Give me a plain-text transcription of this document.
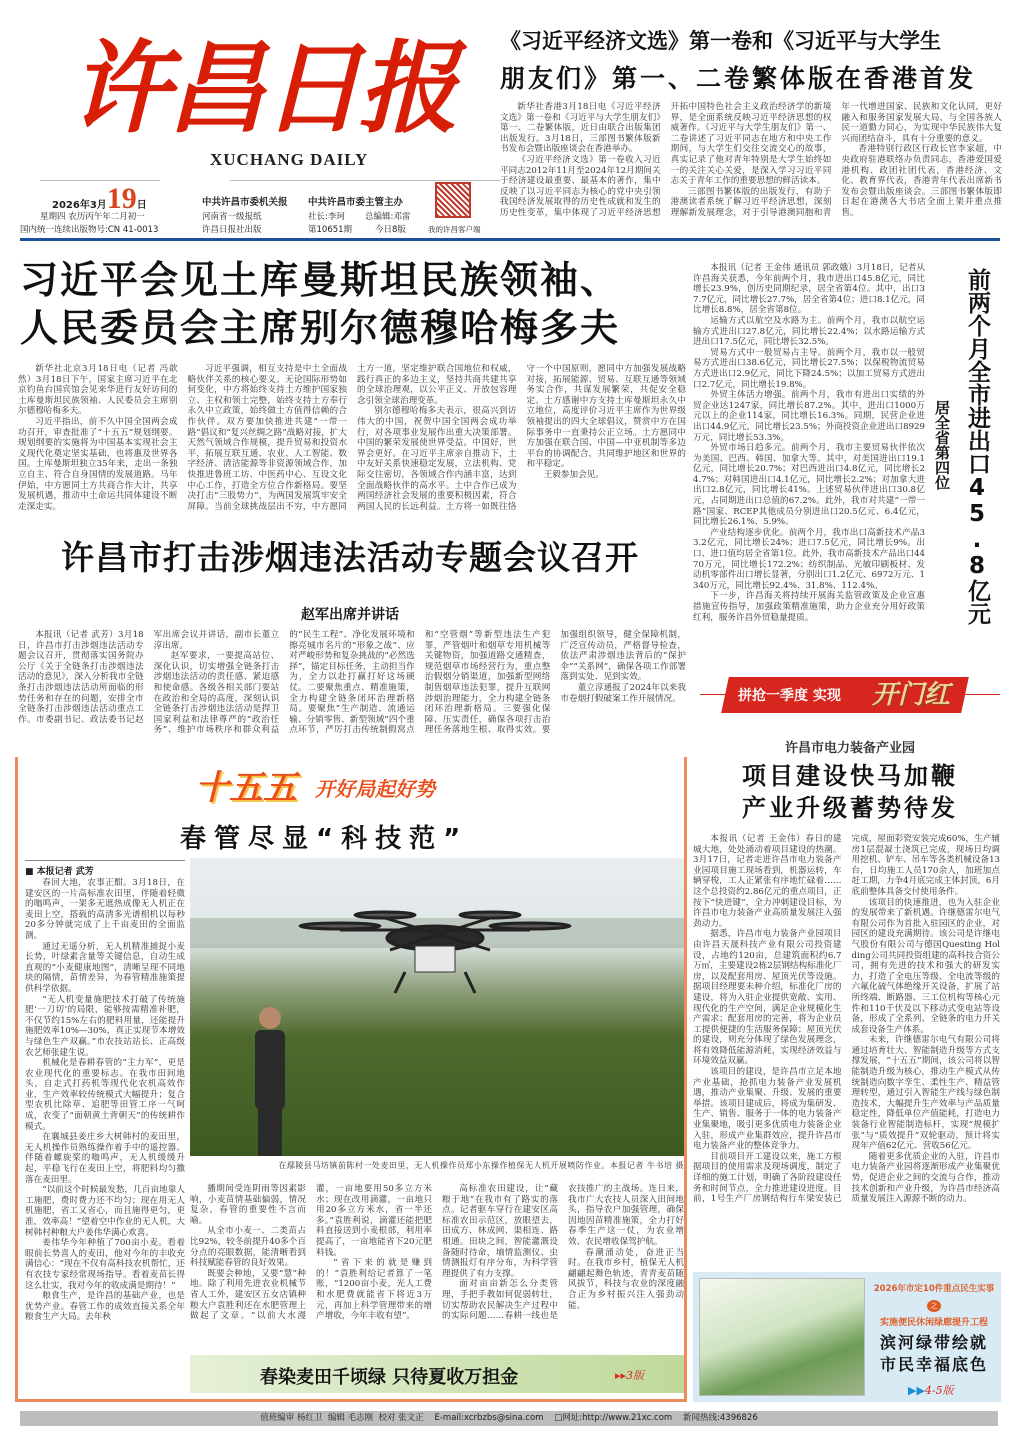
许昌日报
XUCHANG DAILY
2026年3月19日
星期四 农历丙午年二月初一
国内统一连续出版物号:CN 41-0013
中共许昌市委机关报
河南省一级报纸
许昌日报社出版
中共许昌市委主管主办
社长:李珂 总编辑:邓雷
第10651期	今日8版	我的许昌客户端
《习近平经济文选》第一卷和《习近平与大学生
朋友们》第一、二卷繁体版在香港首发

新华社香港3月18日电《习近平经济文选》第一卷和《习近平与大学生朋友们》第一、二卷繁体版，近日由联合出版集团出版发行。3月18日，三部图书繁体版新书发布会暨出版座谈会在香港举办。

《习近平经济文选》第一卷收入习近平同志2012年11月至2024年12月期间关于经济建设最重要、最基本的著作，集中反映了以习近平同志为核心的党中央引领我国经济发展取得的历史性成就和发生的历史性变革，集中体现了习近平经济思想开拓中国特色社会主义政治经济学的新境界，是全面系统反映习近平经济思想的权威著作。《习近平与大学生朋友们》第一、二卷讲述了习近平同志在地方和中央工作期间，与大学生们交往交流交心的故事，真实记录了他对青年特别是大学生始终如一的关注关心关爱，是深入学习习近平同志关于青年工作的重要思想的鲜活读本。

三部图书繁体版的出版发行，有助于港澳读者系统了解习近平经济思想，深刻理解新发展理念，对于引导港澳同胞和青年一代增进国家、民族和文化认同，更好融入和服务国家发展大局，与全国各族人民一道勠力同心，为实现中华民族伟大复兴而团结奋斗，具有十分重要的意义。

香港特别行政区行政长官李家超，中央政府驻港联络办负责同志，香港爱国爱港机构、政团社团代表，香港经济、文化、教育界代表，香港青年代表出席新书发布会暨出版座谈会。三部图书繁体版即日起在港澳各大书店全面上架并重点推售。

习近平会见土库曼斯坦民族领袖、
人民委员会主席别尔德穆哈梅多夫

新华社北京3月18日电（记者 冯歆然）3月18日下午，国家主席习近平在北京钓鱼台国宾馆会见来华进行友好访问的土库曼斯坦民族领袖、人民委员会主席别尔德穆哈梅多夫。

习近平指出，前不久中国全国两会成功召开，审查批准了“十五五”规划纲要。规划纲要的实施将为中国基本实现社会主义现代化奠定坚实基础，也将惠及世界各国。土库曼斯坦独立35年来，走出一条独立自主、符合自身国情的发展道路。马年伊始，中方愿同土方共商合作大计，共享发展机遇，推动中土命运共同体建设不断走深走实。

习近平强调，相互支持是中土全面战略伙伴关系的核心要义。无论国际形势如何变化，中方将始终支持土方维护国家独立、主权和领土完整，始终支持土方奉行永久中立政策，始终做土方值得信赖的合作伙伴。双方要加快推进共建“一带一路”倡议和“复兴丝绸之路”战略对接，扩大天然气领域合作规模，提升贸易和投资水平，拓展互联互通、农业、人工智能、数字经济、清洁能源等非资源领域合作，加快推进鲁班工坊、中医药中心、互设文化中心工作，打造全方位合作新格局。要坚决打击“三股势力”，为两国发展筑牢安全屏障。当前全球挑战层出不穷，中方愿同土方一道，坚定维护联合国地位和权威，践行真正的多边主义，坚持共商共建共享的全球治理观，以公平正义、开放包容理念引领全球治理变革。

别尔德穆哈梅多夫表示，很高兴到访伟大的中国，祝贺中国全国两会成功举行，对各项事业发展作出重大决策部署。中国的繁荣发展使世界受益。中国好，世界会更好。在习近平主席亲自推动下，土中友好关系快速稳定发展，立法机构、党际交往密切，各领域合作内涵丰富，达到全面战略伙伴的高水平。土中合作已成为两国经济社会发展的重要积极因素，符合两国人民的长远利益。土方将一如既往恪守一个中国原则，愿同中方加强发展战略对接，拓展能源、贸易、互联互通等领域务实合作，共谋发展繁荣，共促安全稳定。土方感谢中方支持土库曼斯坦永久中立地位，高度评价习近平主席作为世界级领袖提出的四大全球倡议，赞赏中方在国际事务中一直秉持公正立场。土方愿同中方加强在联合国、中国—中亚机制等多边平台的协调配合，共同维护地区和世界的和平稳定。

王毅参加会见。

本报讯（记者 王金伟 通讯员 郭政娥）3月18日，记者从许昌海关获悉，今年前两个月，我市进出口45.8亿元，同比增长23.9%，创历史同期纪录，居全省第4位。其中，出口37.7亿元，同比增长27.7%，居全省第4位；进口8.1亿元，同比增长8.8%，居全省第8位。

运输方式以航空及水路为主。前两个月，我市以航空运输方式进出口27.8亿元，同比增长22.4%；以水路运输方式进出口17.5亿元，同比增长32.5%。

贸易方式中一般贸易占主导。前两个月，我市以一般贸易方式进出口38.6亿元，同比增长27.5%；以保税物流贸易方式进出口2.9亿元，同比下降24.5%；以加工贸易方式进出口2.7亿元，同比增长19.8%。

外贸主体活力增强。前两个月，我市有进出口实绩的外贸企业达1247家，同比增长87.2%。其中，进出口1000万元以上的企业114家，同比增长16.3%。同期，民营企业进出口44.9亿元，同比增长23.5%；外商投资企业进出口8929万元，同比增长53.3%。

外贸市场日趋多元。前两个月，我市主要贸易伙伴依次为美国、巴西、韩国、加拿大等。其中，对美国进出口19.1亿元，同比增长20.7%；对巴西进出口4.8亿元，同比增长24.7%；对韩国进出口4.1亿元，同比增长2.2%；对加拿大进出口2.8亿元，同比增长41%。上述贸易伙伴进出口30.8亿元，占同期进出口总值的67.2%。此外，我市对共建“一带一路”国家、RCEP其他成员分别进出口20.5亿元、6.4亿元，同比增长26.1%、5.9%。

产业结构逐步优化。前两个月，我市出口高新技术产品33.2亿元，同比增长24%；进口7.5亿元，同比增长9%。出口、进口值均居全省第1位。此外，我市高新技术产品出口4470万元，同比增长172.2%；纺织制品、光敏印刷板材、发动机零部件出口增长显著，分别出口1.2亿元、6972万元、1340万元，同比增长92.4%、31.8%、112.4%。

下一步，许昌海关将持续开展海关监管政策及企业宣惠措施宣传指导，加强政策精准施策，助力企业充分用好政策红利，服务许昌外贸稳量提质。	前两个月全市进出口45.8亿元
居全省第四位
许昌市打击涉烟违法活动专题会议召开
赵军出席并讲话

本报讯（记者 武芳）3月18日，许昌市打击涉烟违法活动专题会议召开，贯彻落实国务院办公厅《关于全链条打击涉烟违法活动的意见》，深入分析我市全链条打击涉烟违法活动所面临的形势任务和存在的问题，安排全市全链条打击涉烟违法活动重点工作。市委副书记、政法委书记赵军出席会议并讲话，副市长董立淳出席。

赵军要求，一要提高站位、深化认识，切实增强全链条打击涉烟违法活动的责任感、紧迫感和使命感。各级各相关部门要站在政治和全局的高度，深刻认识全链条打击涉烟违法活动是捍卫国家利益和法律尊严的“政治任务”、维护市场秩序和群众利益的“民生工程”、净化发展环境和擦亮城市名片的“形象之战”、应对严峻形势和复杂挑战的“必然选择”，锚定目标任务，主动担当作为，全力以赴打赢打好这场硬仗。二要聚焦重点、精准施策，全力构建全链条闭环治理新格局。要聚焦“生产制造、流通运输、分销零售、新型领域”四个重点环节，严厉打击传统制假窝点和“空管烟”等新型违法生产犯罪，严管烟叶和烟草专用机械等关键物资，加强道路交通精查，规范烟草市场经营行为，重点整治假烟分销渠道，加强新型网络制售烟草违法犯罪，提升互联网涉烟治理能力，全力构建全链条闭环治理新格局。三要强化保障、压实责任，确保各项打击治理任务落地生根、取得实效。要加强组织领导，健全保障机制，广泛宣传动员，严格督导检查，依法严肃涉烟违法背后的“保护伞”“关系网”，确保各项工作部署落到实处、见到实效。

董立淳通报了2024年以来我市卷烟打假破案工作开展情况。

十五五 开好局起好势
春管尽显“科技范”
■ 本报记者 武芳

春回大地，农事正酣。3月18日，在建安区的一片高标准农田里，伴随着轻微的嗡鸣声，一架多无遮热成像无人机正在麦田上空，搭载的高清多光谱相机以每秒20多分钟就完成了上千亩麦田的全面监测。

通过无遥分析，无人机精准捕捉小麦长势，叶绿素含量等关键信息，自动生成直观的“小麦健康地图”，清晰呈现不同地块的隔情，苗情差异，为春管精准施策提供科学依据。

“无人机变量施肥技术打破了传统施肥‘一刀切’的局限，能够按需精准补肥，不仅节约15%左右的肥料用量，还能提升施肥效率10%—30%，真正实现节本增效与绿色生产双赢。”市农技站站长、正高级农艺师张建生说。

机械化是春耕春管的“主力军”，更是农业现代化的重要标志。在我市田间地头，自走式打药机等现代化农机高效作业，生产效率较传统模式大幅提升；复合型农机比除草、追肥等田管工序一气呵成，农变了“面朝黄土背朝天”的传统耕作模式。

在襄城县姜庄乡大树韩村的麦田里，无人机操作员熟练操作着手中的遥控器。伴随着螺旋桨的嗡鸣声，无人机缓缓升起，平稳飞行在麦田上空，将肥料均匀撒落在麦田里。

“以前这个时候最发愁，几百亩地靠人工施肥，费时费力还不均匀；现在用无人机施肥，省工又省心，而且施得更匀，更准，效率高！”望着空中作业的无人机，大树韩村种粮大户姜伟华满心欢喜。

姜伟华今年种植了700亩小麦。看着眼前长势喜人的麦田，他对今年的丰收充满信心：“现在不仅有高科技农机帮忙，还有农技专家经常现场指导。看着麦苗长得这么壮实，我对今年的收成满是期待！”

粮食生产，是许昌的基础产业，也是优势产业。春管工作的成效直接关系全年粮食生产大局。去年秋

在鄢陵县马坊镇前陈村一处麦田里，无人机操作员郑小东操作植保无人机开展喷防作业。本报记者 牛书培 摄

播期间受连阴雨等因素影响，小麦苗情基础偏弱，情况复杂，春管的重要性不言而喻。

从全市小麦一、二类苗占比92%，较冬前提升40多个百分点的亮眼数据，能清晰看到科技赋能春管的良好效果。

既要会种地，又要“慧”种地。除了利用先进农业机械节省人工外，建安区五女店镇种粮大户袁胜利还在水肥管理上做起了文章。“以前大水漫灌，一亩地要用50多立方米水；现在改用滴灌，一亩地只用20多立方米水，省一半还多。”袁胜利说，滴灌还能把肥料直接送到小麦根部，利用率提高了，一亩地能省下20元肥料钱。

“省下来的就是赚到的！”袁胜利给记者算了一笔账，“1200亩小麦，光人工费和水肥费就能省下将近3万元，再加上科学管理带来的增产增收，今年丰收有望”。

高标准农田建设，让“藏粮于地”在我市有了路实的落点。记者驱车穿行在建安区高标准农田示范区，放眼望去，田成方、林成网、渠相连、路相通。田块之间，智能灌溉设备随时待命，墒情监测仪、虫情测报灯有序分布，为科学管理提供了有力支撑。

面对亩亩新怎么分类管理，手把手教如何促弱转壮，切实帮助农民解决生产过程中的实际问题……春耕一线也是农技推广的主战场。连日来，我市广大农技人员深入田间地头，指导农户加强管理，确保因地因苗精准施策，全力打好春季生产这一仗，为农业增效、农民增收保驾护航。

春潮涌动处，奋进正当时。在我市乡村，植保无人机翩翩起舞色轨迹，青青麦苗随风拔节，科技与农业的深度融合正为乡村振兴注入强劲动能。

春染麦田千顷绿 只待夏收万担金	▸▸3版
拼抢一季度 实现 开门红
许昌市电力装备产业园
项目建设快马加鞭
产业升级蓄势待发

本报讯（记者 王金伟）春日的建城大地，处处涌动着项目建设的热潮。3月17日，记者走进许昌市电力装备产业园项目施工现场看到，机器运转，车辆穿梭，工人正紧张有序地忙碌着……这个总投资约2.86亿元的重点项目，正按下“快进键”，全力冲刺建设目标，为许昌市电力装备产业高质量发展注入强劲动力。

据悉，许昌市电力装备产业园项目由许昌天晟科技产业有限公司投资建设，占地约120亩，总建筑面积约6.7万㎡，主要建设2栋2层钢结构标准化厂房，以及配套用房、屋顶光伏等设施。据项目经理要未种介绍，标准化厂房的建设，将为入驻企业提供宽敞、实用、现代化的生产空间，满足企业规模化生产需求；配套用房的完善，将为企业员工提供便捷的生活服务保障；屋顶光伏的建设，则充分体现了绿色发展理念，将有效降低能源消耗，实现经济效益与环境效益双赢。

该项目的建设，是许昌市立足本地产业基础，抢抓电力装备产业发展机遇，推动产业集聚、升级、发展的重要举措。该项目建成后，将成为集研发、生产、销售、服务于一体的电力装备产业集聚地，吸引更多优质电力装备企业入驻，形成产业集群效应，提升许昌市电力装备产业的整体竞争力。

目前项目开工建设以来，施工方根据项目的使用需求及现场调度，制定了详细的施工计划，明确了各阶段建设任务和时间节点，全力推进建设进度。目前，1号生产厂房钢结构行车梁安装已完成，屋面彩瓷安装完成60%，生产辅房1层混凝土浇筑已完成，现场日均调用挖机、铲车、吊车等各类机械设备13台，日均施工人员170余人，加班加点赶工期，力争4月底完成主体封顶，6月底前整体具备交付使用条件。

该项目的快速推进，也为入驻企业的发展带来了新机遇。许继德雷尔电气有限公司作为首批入驻园区的企业，对园区的建设充满期待。该公司是许继电气股份有限公司与德国Questing Holding公司共同投资组建的高科技合资公司，拥有先进的技术和强大的研发实力，打造了全电压等级、全电流等级的六氟化硫气体绝缘开关设备，扩展了站所终端、断路器、三工位机构等核心元件和110千伏及以下移动式变电站等设备，形成了全系列、全链条的电力开关成套设备生产体系。

未来，许继德雷尔电气有限公司将通过培育壮大、智能制造升级等方式支撑发展，“十五五”期间，该公司将以智能制造升级为核心，推动生产模式从传统制造向数字孪生、柔性生产、精益管理转型，通过引入智能生产线与绿色制造技术，大幅提升生产效率与产品质量稳定性，降低单位产值能耗，打造电力装备行业智能制造标杆，实现“规模扩张”与“质效提升”双轮驱动，预计将实现年产值62亿元、营收56亿元。

随着更多优质企业的入驻，许昌市电力装备产业园将逐渐形成产业集聚优势，促进企业之间的交流与合作，推动技术创新和产业升级，为许昌市经济高质量发展注入源源不断的动力。

2026年市定10件重点民生实事
之
实施便民休闲绿廊提升工程
滨河绿带绘就
市民幸福底色
▶▶4-5版
值班编审 杨红卫  编辑 毛志刚  校对 张文正    E-mail:xcrbzbs@sina.com    □网址:http://www.21xc.com    新闻热线:4396826
